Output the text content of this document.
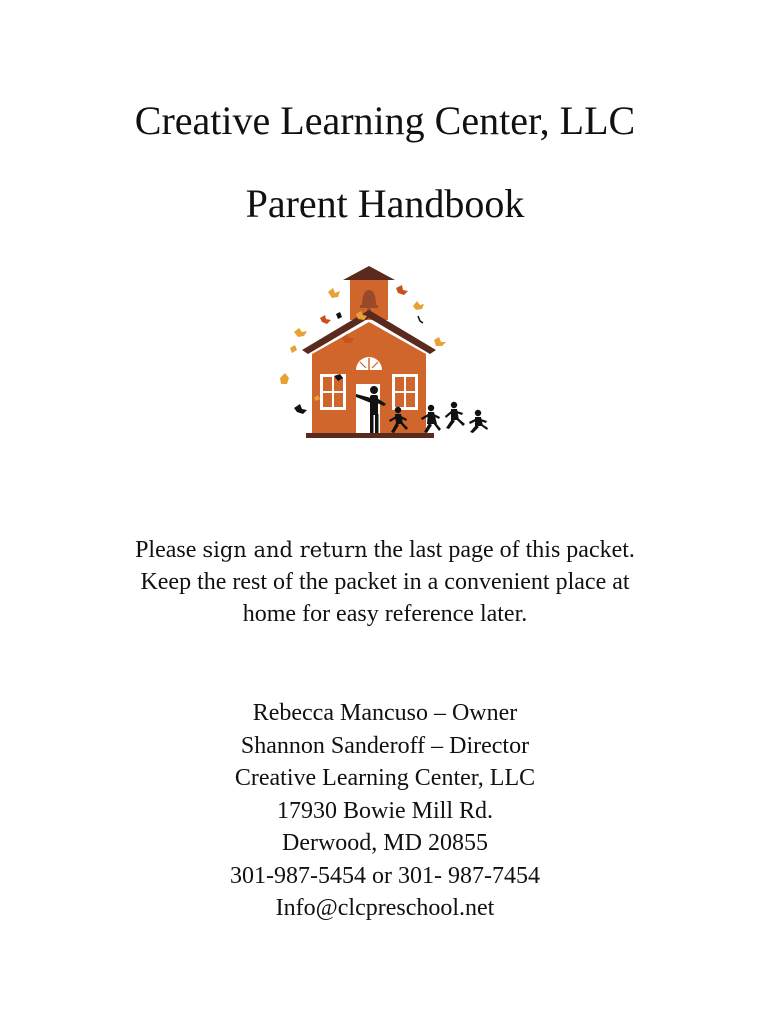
Creative Learning Center, LLC
Parent Handbook
Please sign and return the last page of this packet.
Keep the rest of the packet in a convenient place at
home for easy reference later.
Rebecca Mancuso – Owner
Shannon Sanderoff – Director
Creative Learning Center, LLC
17930 Bowie Mill Rd.
Derwood, MD 20855
301-987-5454 or 301- 987-7454
Info@clcpreschool.net
